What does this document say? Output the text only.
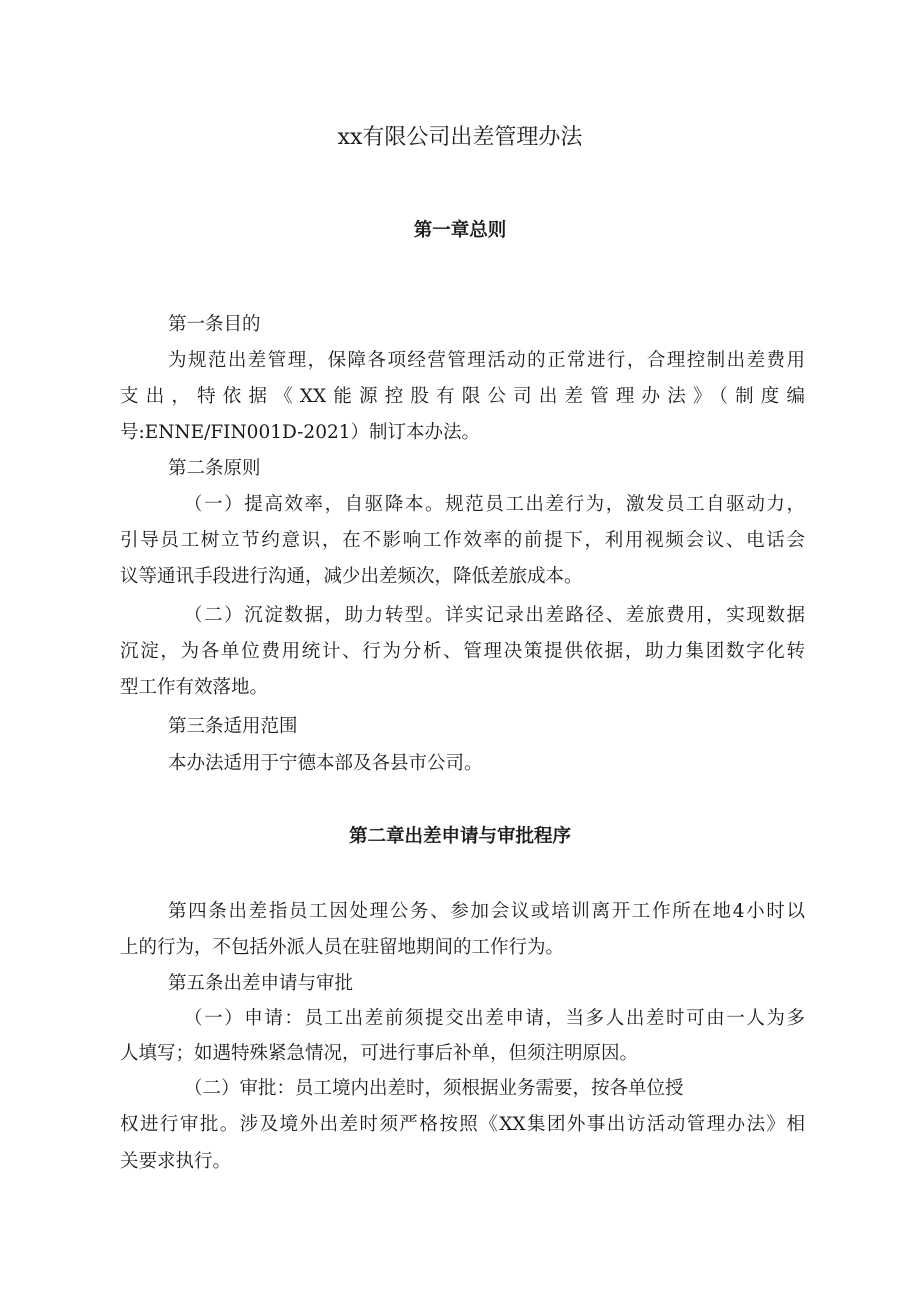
xx有限公司出差管理办法
第一章总则

第一条目的

为规范出差管理，保障各项经营管理活动的正常进行，合理控制出差费用

支出，特依据《XX能源控股有限公司出差管理办法》（制度编

号:ENNE/FIN001D-2021）制订本办法。

第二条原则

（一）提高效率，自驱降本。规范员工出差行为，激发员工自驱动力，

引导员工树立节约意识，在不影响工作效率的前提下，利用视频会议、电话会

议等通讯手段进行沟通，减少出差频次，降低差旅成本。

（二）沉淀数据，助力转型。详实记录出差路径、差旅费用，实现数据

沉淀，为各单位费用统计、行为分析、管理决策提供依据，助力集团数字化转

型工作有效落地。

第三条适用范围

本办法适用于宁德本部及各县市公司。

第二章出差申请与审批程序

第四条出差指员工因处理公务、参加会议或培训离开工作所在地4小时以

上的行为，不包括外派人员在驻留地期间的工作行为。

第五条出差申请与审批

（一）申请：员工出差前须提交出差申请，当多人出差时可由一人为多

人填写；如遇特殊紧急情况，可进行事后补单，但须注明原因。

（二）审批：员工境内出差时，须根据业务需要，按各单位授

权进行审批。涉及境外出差时须严格按照《XX集团外事出访活动管理办法》相

关要求执行。
